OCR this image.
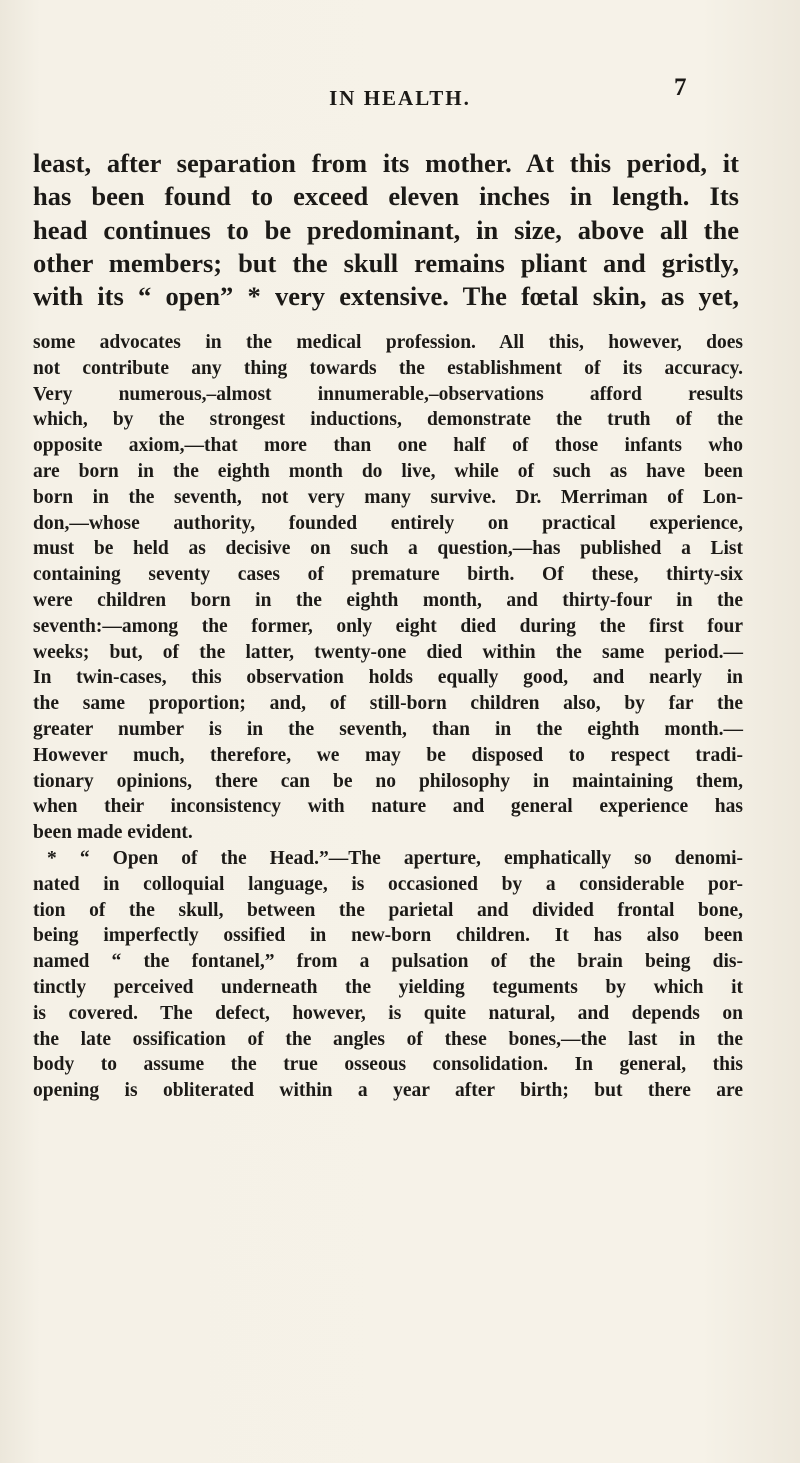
IN HEALTH.	7
least, after separation from its mother. At this period, it
has been found to exceed eleven inches in length. Its
head continues to be predominant, in size, above all the
other members; but the skull remains pliant and gristly,
with its “ open” * very extensive. The fœtal skin, as yet,
some advocates in the medical profession. All this, however, does
not contribute any thing towards the establishment of its accuracy.
Very numerous,–almost innumerable,–observations afford results
which, by the strongest inductions, demonstrate the truth of the
opposite axiom,—that more than one half of those infants who
are born in the eighth month do live, while of such as have been
born in the seventh, not very many survive. Dr. Merriman of Lon-
don,—whose authority, founded entirely on practical experience,
must be held as decisive on such a question,—has published a List
containing seventy cases of premature birth. Of these, thirty-six
were children born in the eighth month, and thirty-four in the
seventh:—among the former, only eight died during the first four
weeks; but, of the latter, twenty-one died within the same period.—
In twin-cases, this observation holds equally good, and nearly in
the same proportion; and, of still-born children also, by far the
greater number is in the seventh, than in the eighth month.—
However much, therefore, we may be disposed to respect tradi-
tionary opinions, there can be no philosophy in maintaining them,
when their inconsistency with nature and general experience has
been made evident.
* “ Open of the Head.”—The aperture, emphatically so denomi-
nated in colloquial language, is occasioned by a considerable por-
tion of the skull, between the parietal and divided frontal bone,
being imperfectly ossified in new-born children. It has also been
named “ the fontanel,” from a pulsation of the brain being dis-
tinctly perceived underneath the yielding teguments by which it
is covered. The defect, however, is quite natural, and depends on
the late ossification of the angles of these bones,—the last in the
body to assume the true osseous consolidation. In general, this
opening is obliterated within a year after birth; but there are
